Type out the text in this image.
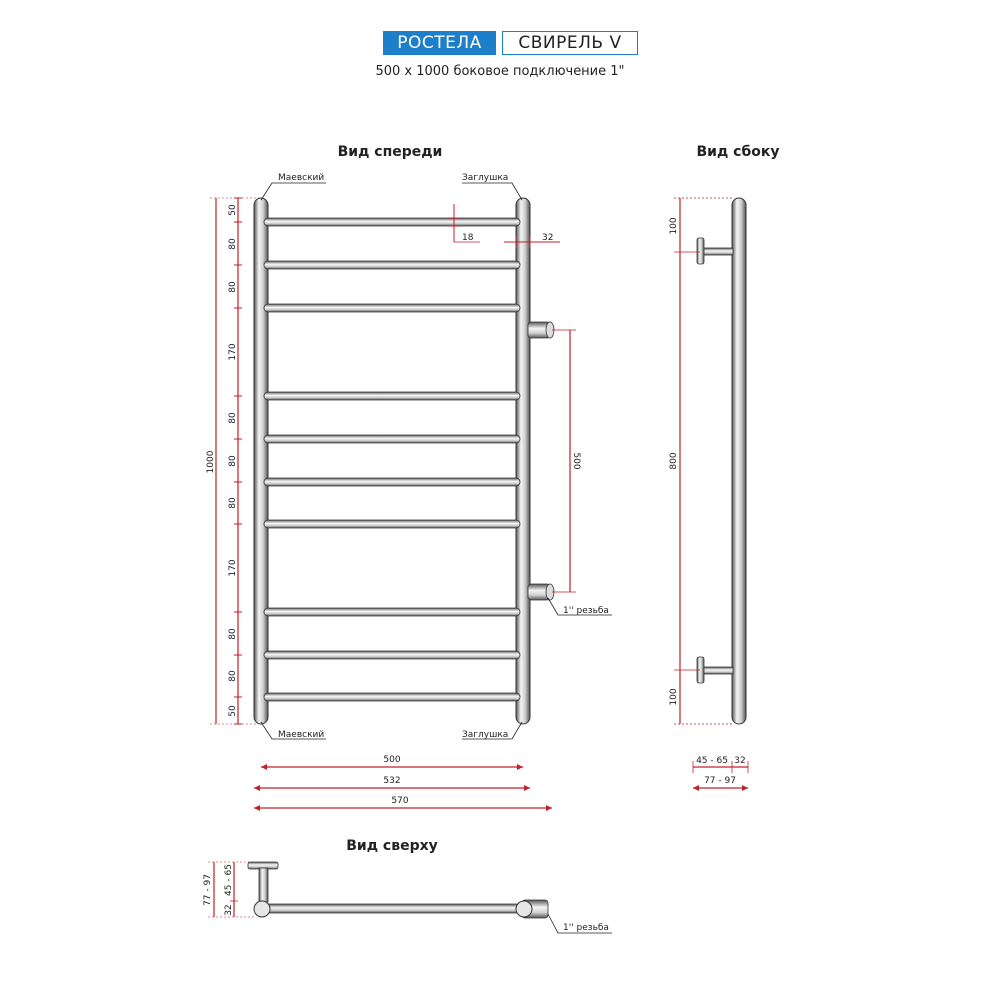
РОСТЕЛА	СВИРЕЛЬ V
500 х 1000 боковое подключение 1"
Вид спереди	Вид сбоку
Вид сверху
Маевский	Заглушка
Маевский	Заглушка
1'' резьба
1000
50
80
80
170
80
80
80
170
80
80
50
18	32
500
500
532
570
100
800
100
45 - 65 32
77 - 97
1'' резьба
77 - 97
32
45 - 65
